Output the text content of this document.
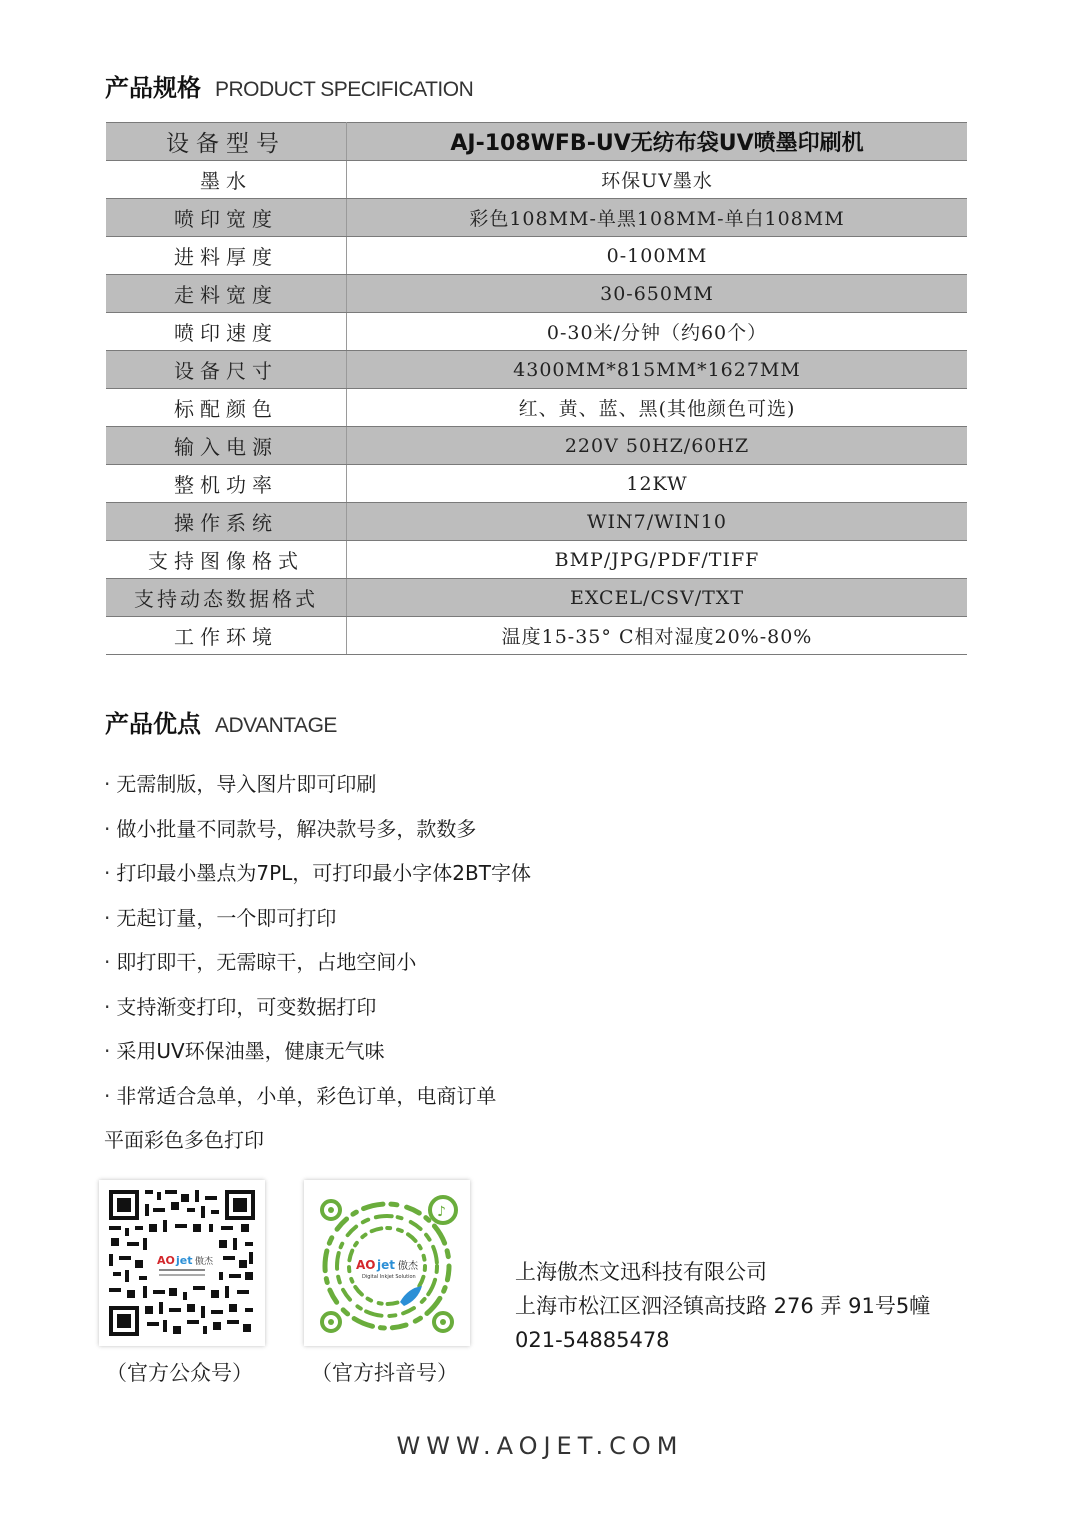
产品规格 PRODUCT SPECIFICATION
设备型号	AJ-108WFB-UV无纺布袋UV喷墨印刷机
墨水	环保UV墨水
喷印宽度	彩色108MM-单黑108MM-单白108MM
进料厚度	0-100MM
走料宽度	30-650MM
喷印速度	0-30米/分钟（约60个）
设备尺寸	4300MM*815MM*1627MM
标配颜色	红、黄、蓝、黑(其他颜色可选)
输入电源	220V 50HZ/60HZ
整机功率	12KW
操作系统	WIN7/WIN10
支持图像格式	BMP/JPG/PDF/TIFF
支持动态数据格式	EXCEL/CSV/TXT
工作环境	温度15-35° C相对湿度20%-80%
产品优点 ADVANTAGE
· 无需制版，导入图片即可印刷
· 做小批量不同款号，解决款号多，款数多
· 打印最小墨点为7PL，可打印最小字体2BT字体
· 无起订量，一个即可打印
· 即打即干，无需晾干，占地空间小
· 支持渐变打印，可变数据打印
· 采用UV环保油墨，健康无气味
· 非常适合急单，小单，彩色订单，电商订单
平面彩色多色打印
AO jet 傲杰
♪
AO jet 傲杰
Digital Inkjet Solution
（官方公众号）	（官方抖音号）
上海傲杰文迅科技有限公司
上海市松江区泗泾镇高技路 276 弄 91号5幢
021-54885478
WWW.AOJET.COM
